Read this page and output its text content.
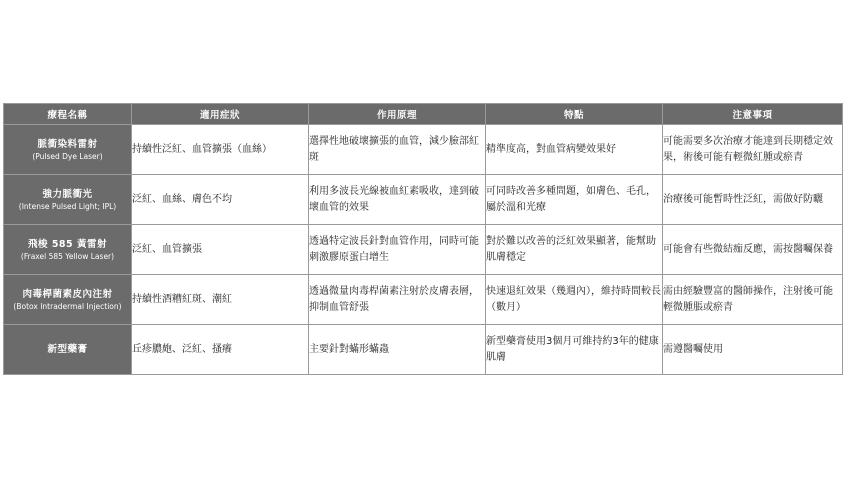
療程名稱	適用症狀	作用原理	特點	注意事項

脈衝染料雷射
(Pulsed Dye Laser)	持續性泛紅、血管擴張（血絲）	選擇性地破壞擴張的血管，減少臉部紅斑	精準度高，對血管病變效果好	可能需要多次治療才能達到長期穩定效果，術後可能有輕微紅腫或瘀青

強力脈衝光
(Intense Pulsed Light; IPL)	泛紅、血絲、膚色不均	利用多波長光線被血紅素吸收，達到破壞血管的效果	可同時改善多種問題，如膚色、毛孔，屬於溫和光療	治療後可能暫時性泛紅，需做好防曬

飛梭 585 黃雷射
(Fraxel 585 Yellow Laser)	泛紅、血管擴張	透過特定波長針對血管作用，同時可能刺激膠原蛋白增生	對於難以改善的泛紅效果顯著，能幫助肌膚穩定	可能會有些微結痂反應，需按醫囑保養

肉毒桿菌素皮內注射
(Botox Intradermal Injection)	持續性酒糟紅斑、潮紅	透過微量肉毒桿菌素注射於皮膚表層，抑制血管舒張	快速退紅效果（幾週內），維持時間較長（數月）	需由經驗豐富的醫師操作，注射後可能輕微腫脹或瘀青

新型藥膏	丘疹膿皰、泛紅、搔癢	主要針對蟎形蟎蟲	新型藥膏使用3個月可維持約3年的健康肌膚	需遵醫囑使用
